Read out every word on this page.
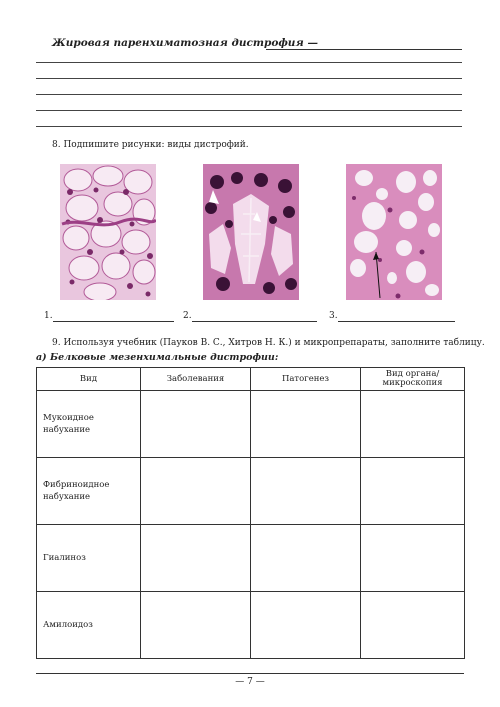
Жировая паренхиматозная дистрофия —
8. Подпишите рисунки: виды дистрофий.
1.	2.	3.
9. Используя учебник (Пауков В. С., Хитров Н. К.) и микропрепараты, заполните таблицу.
а) Белковые мезенхимальные дистрофии:
Вид	Заболевания	Патогенез	Вид органа/ микроскопия
Мукоидное набухание			
Фибриноидное набухание			
Гиалиноз			
Амилоидоз			
— 7 —
